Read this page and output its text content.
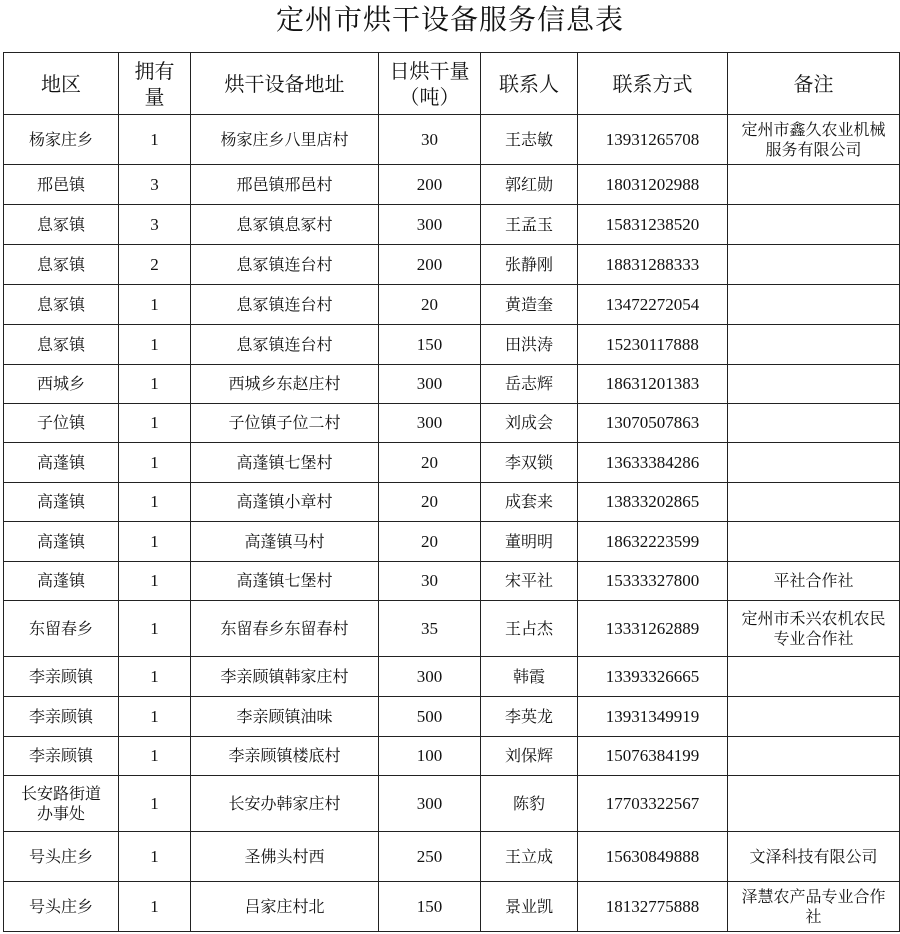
定州市烘干设备服务信息表
地区	拥有量	烘干设备地址	日烘干量（吨）	联系人	联系方式	备注
杨家庄乡	1	杨家庄乡八里店村	30	王志敏	13931265708	定州市鑫久农业机械服务有限公司
邢邑镇	3	邢邑镇邢邑村	200	郭红勋	18031202988	
息冢镇	3	息冢镇息冢村	300	王孟玉	15831238520	
息冢镇	2	息冢镇连台村	200	张静刚	18831288333	
息冢镇	1	息冢镇连台村	20	黄造奎	13472272054	
息冢镇	1	息冢镇连台村	150	田洪涛	15230117888	
西城乡	1	西城乡东赵庄村	300	岳志辉	18631201383	
子位镇	1	子位镇子位二村	300	刘成会	13070507863	
高蓬镇	1	高蓬镇七堡村	20	李双锁	13633384286	
高蓬镇	1	高蓬镇小章村	20	成套来	13833202865	
高蓬镇	1	高蓬镇马村	20	董明明	18632223599	
高蓬镇	1	高蓬镇七堡村	30	宋平社	15333327800	平社合作社
东留春乡	1	东留春乡东留春村	35	王占杰	13331262889	定州市禾兴农机农民专业合作社
李亲顾镇	1	李亲顾镇韩家庄村	300	韩霞	13393326665	
李亲顾镇	1	李亲顾镇油味	500	李英龙	13931349919	
李亲顾镇	1	李亲顾镇楼底村	100	刘保辉	15076384199	
长安路街道办事处	1	长安办韩家庄村	300	陈豹	17703322567	
号头庄乡	1	圣佛头村西	250	王立成	15630849888	文泽科技有限公司
号头庄乡	1	吕家庄村北	150	景业凯	18132775888	泽慧农产品专业合作社
